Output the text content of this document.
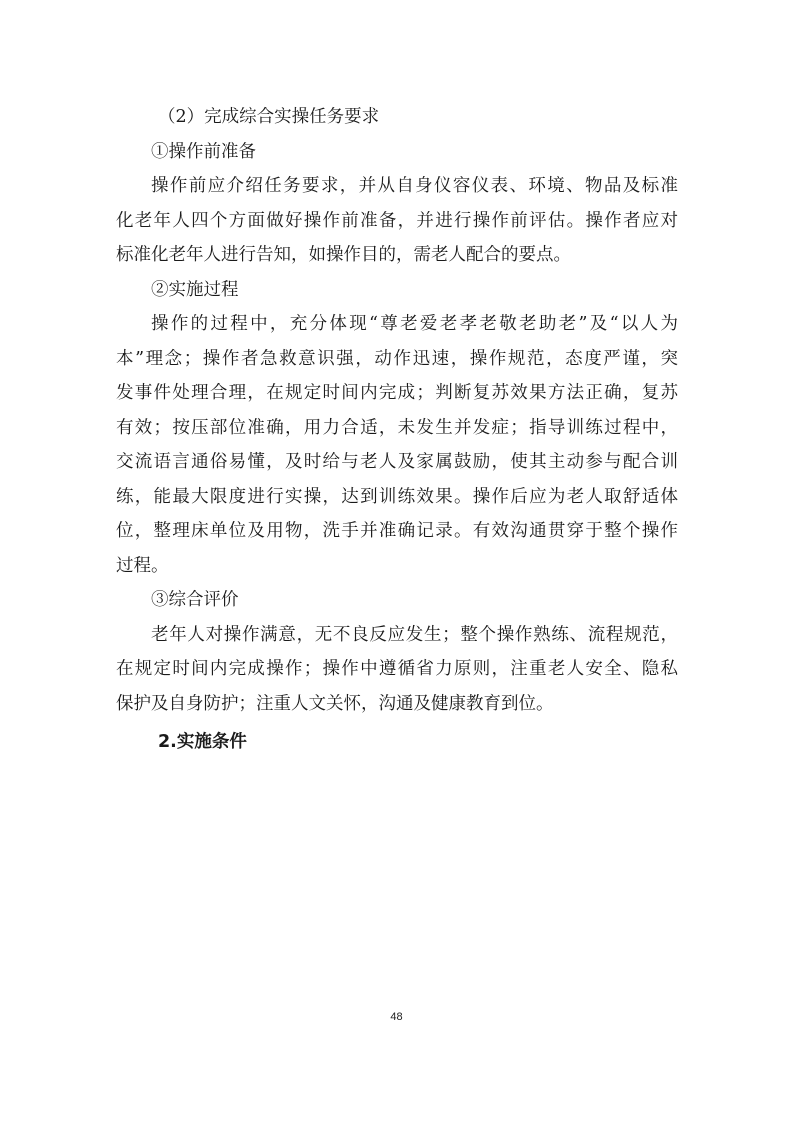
（2）完成综合实操任务要求
①操作前准备
操作前应介绍任务要求，并从自身仪容仪表、环境、物品及标准
化老年人四个方面做好操作前准备，并进行操作前评估。操作者应对
标准化老年人进行告知，如操作目的，需老人配合的要点。
②实施过程
操作的过程中，充分体现“尊老爱老孝老敬老助老”及“以人为
本”理念；操作者急救意识强，动作迅速，操作规范，态度严谨，突
发事件处理合理，在规定时间内完成；判断复苏效果方法正确，复苏
有效；按压部位准确，用力合适，未发生并发症；指导训练过程中，
交流语言通俗易懂，及时给与老人及家属鼓励，使其主动参与配合训
练，能最大限度进行实操，达到训练效果。操作后应为老人取舒适体
位，整理床单位及用物，洗手并准确记录。有效沟通贯穿于整个操作
过程。
③综合评价
老年人对操作满意，无不良反应发生；整个操作熟练、流程规范，
在规定时间内完成操作；操作中遵循省力原则，注重老人安全、隐私
保护及自身防护；注重人文关怀，沟通及健康教育到位。
2.实施条件
48
